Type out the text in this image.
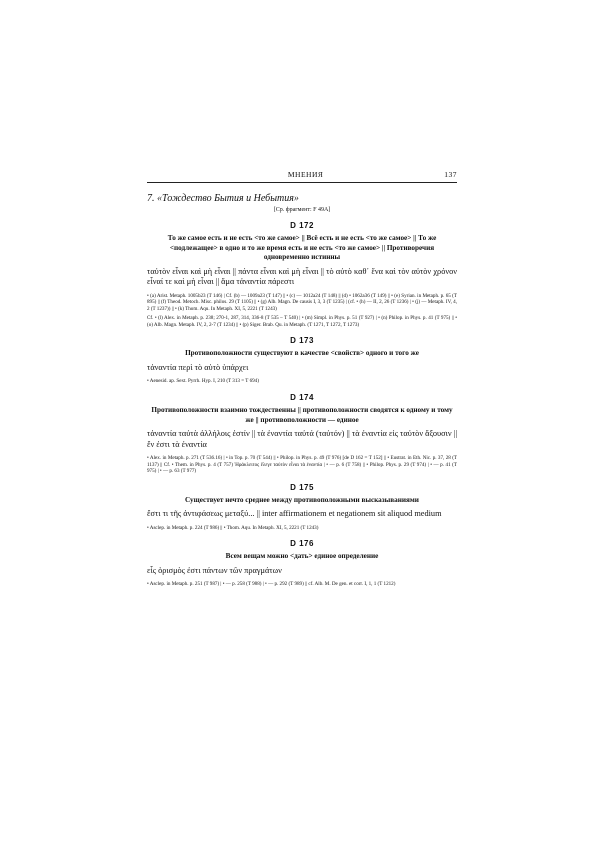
МНЕНИЯ	137
7. «Тождество Бытия и Небытия»
[Ср. фрагмент: F 49A]
D 172
То же самое есть и не есть <то же самое> || Всё есть и не есть <то же самое> || То же <подлежащее> в одно и то же время есть и не есть <то же самое> || Противоречия одновременно истинны
ταὐτὸν εἶναι καὶ μὴ εἶναι || πάντα εἶναι καὶ μὴ εἶναι || τὸ αὐτὸ καθ᾽ ἕνα καὶ τὸν αὐτὸν χρόνον εἶναί τε καὶ μὴ εἶναι || ἅμα τἀναντία πάρεστι
• (a) Arist. Metaph. 1005b23 (T 146) | Cf. (b) — 1009a23 (T 147) || • (c) — 1012a24 (T 148) || (d) • 1062a36 (T 149) || • (e) Syrian. in Metaph. p. 65 (T 895) || (f) Theod. Metoch. Misc. philos. 29 (T 1105) || • (g) Alb. Magn. De causis I, 3, 3 (T 1235) | (cf. • (h) — II, 2, 26 (T 1236) | • (j) — Metaph. IV, 4, 2 (T 1237)) || • (k) Thom. Aqu. In Metaph. XI, 5, 2221 (T 1243)
Cf. • (l) Alex. in Metaph. p. 238; 270-1, 287, 314, 336-8 (T 535 – T 540) | • (m) Simpl. in Phys. p. 51 (T 927) | • (n) Philop. in Phys. p. 41 (T 975) || • (o) Alb. Magn. Metaph. IV, 2, 2-7 (T 1234) || • (p) Siger. Brab. Qu. in Metaph. (T 1271, T 1272, T 1273)
D 173
Противоположности существуют в качестве <свойств> одного и того же
τἀναντία περὶ τὸ αὐτὸ ὑπάρχει
• Aenesid. ap. Sext. Pyrrh. Hyp. I, 210 (T 313 = T 694)
D 174
Противоположности взаимно тождественны || противоположности сводятся к одному и тому же || противоположности — единое
τἀναντία ταὐτὰ ἀλλήλοις ἐστίν || τὰ ἐναντία ταὐτά (ταὐτόν) || τὰ ἐναντία εἰς ταὐτὸν ἄξουσιν || ἕν ἐστι τὰ ἐναντία
• Alex. in Metaph. p. 271 (T 536.16) | • in Top. p. 70 (T 544) || • Philop. in Phys. p. 49 (T 976) [de D 162 = T 152] || • Eustrat. in Eth. Nic. p. 37, 28 (T 1137) || Cf. • Them. in Phys. p. 4 (T 757) Ἡράκλειτος ἔλεγε ταὐτὸν εἶναι τὰ ἐναντία | • — p. 6 (T 758) || • Philop. Phys. p. 29 (T 974) | • — p. 41 (T 975) | • — p. 63 (T 977)
D 175
Существует нечто среднее между противоположными высказываниями
ἔστι τι τῆς ἀντιφάσεως μεταξύ... || inter affirmationem et negationem sit aliquod medium
• Asclep. in Metaph. p. 224 (T 986) || • Thom. Aqu. In Metaph. XI, 5, 2221 (T 1243)
D 176
Всем вещам можно <дать> единое определение
εἷς ὁρισμὸς ἐστι πάντων τῶν πραγμάτων
• Asclep. in Metaph. p. 251 (T 987) | • — p. 258 (T 988) | • — p. 292 (T 989) || cf. Alb. M. De gen. et corr. I, 1, 1 (T 1212)
